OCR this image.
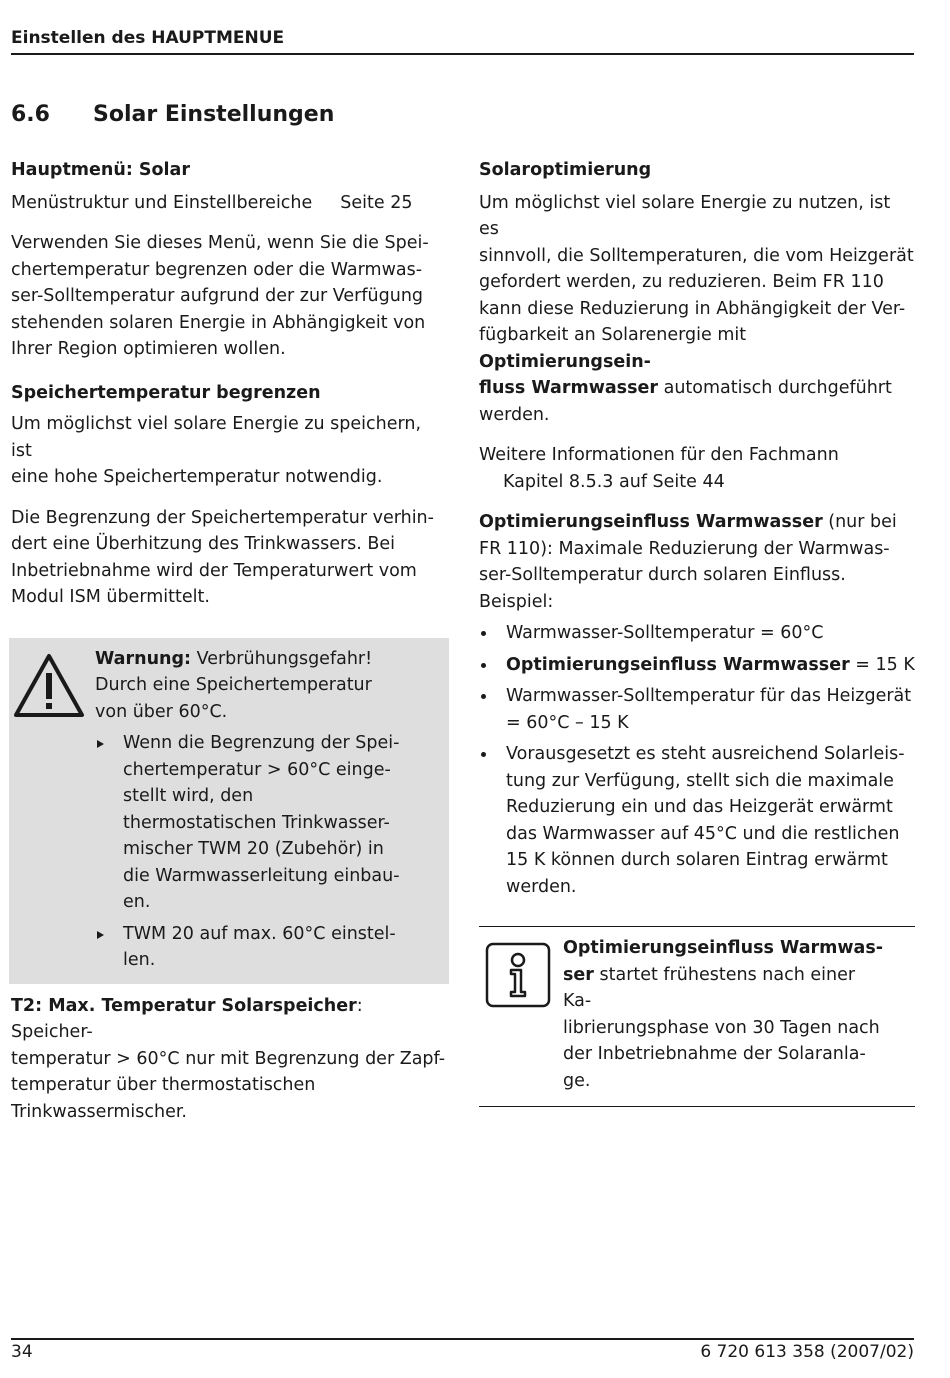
Einstellen des HAUPTMENUE
6.6 Solar Einstellungen

Hauptmenü: Solar

Menüstruktur und Einstellbereiche Seite 25

Verwenden Sie dieses Menü, wenn Sie die Spei-
chertemperatur begrenzen oder die Warmwas-
ser-Solltemperatur aufgrund der zur Verfügung
stehenden solaren Energie in Abhängigkeit von
Ihrer Region optimieren wollen.

Speichertemperatur begrenzen

Um möglichst viel solare Energie zu speichern, ist
eine hohe Speichertemperatur notwendig.

Die Begrenzung der Speichertemperatur verhin-
dert eine Überhitzung des Trinkwassers. Bei
Inbetriebnahme wird der Temperaturwert vom
Modul ISM übermittelt.

Warnung: Verbrühungsgefahr!

Durch eine Speichertemperatur
von über 60°C.

Wenn die Begrenzung der Spei-
chertemperatur > 60°C einge-
stellt wird, den
thermostatischen Trinkwasser-
mischer TWM 20 (Zubehör) in
die Warmwasserleitung einbau-
en.
TWM 20 auf max. 60°C einstel-
len.

T2: Max. Temperatur Solarspeicher: Speicher-
temperatur > 60°C nur mit Begrenzung der Zapf-
temperatur über thermostatischen
Trinkwassermischer.

Solaroptimierung

Um möglichst viel solare Energie zu nutzen, ist es
sinnvoll, die Solltemperaturen, die vom Heizgerät
gefordert werden, zu reduzieren. Beim FR 110
kann diese Reduzierung in Abhängigkeit der Ver-
fügbarkeit an Solarenergie mit Optimierungsein-
fluss Warmwasser automatisch durchgeführt
werden.

Weitere Informationen für den Fachmann

Kapitel 8.5.3 auf Seite 44

Optimierungseinfluss Warmwasser (nur bei
FR 110): Maximale Reduzierung der Warmwas-
ser-Solltemperatur durch solaren Einfluss.
Beispiel:

Warmwasser-Solltemperatur = 60°C
Optimierungseinfluss Warmwasser = 15 K
Warmwasser-Solltemperatur für das Heizgerät
= 60°C – 15 K
Vorausgesetzt es steht ausreichend Solarleis-
tung zur Verfügung, stellt sich die maximale
Reduzierung ein und das Heizgerät erwärmt
das Warmwasser auf 45°C und die restlichen
15 K können durch solaren Eintrag erwärmt
werden.

Optimierungseinfluss Warmwas-
ser startet frühestens nach einer Ka-
librierungsphase von 30 Tagen nach
der Inbetriebnahme der Solaranla-
ge.

34	6 720 613 358 (2007/02)
